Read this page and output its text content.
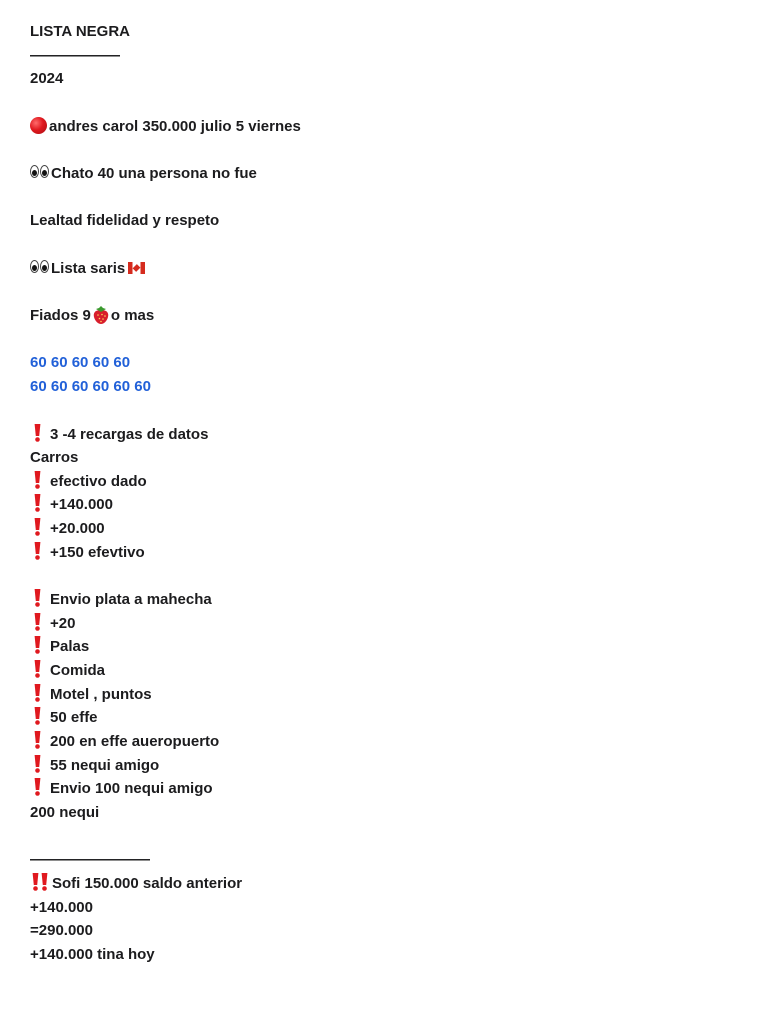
LISTA NEGRA
——————
2024
andres carol 350.000 julio 5 viernes
Chato 40 una persona no fue
Lealtad fidelidad y respeto
Lista saris
Fiados 9 o mas
60 60 60 60 60
60 60 60 60 60 60
3 -4 recargas de datos
Carros
efectivo dado
+140.000
+20.000
+150 efevtivo
Envio plata a mahecha
+20
Palas
Comida
Motel , puntos
50 effe
200 en effe aueropuerto
55 nequi amigo
Envio 100 nequi amigo
200 nequi
————————
Sofi 150.000 saldo anterior
+140.000
=290.000
+140.000 tina hoy
